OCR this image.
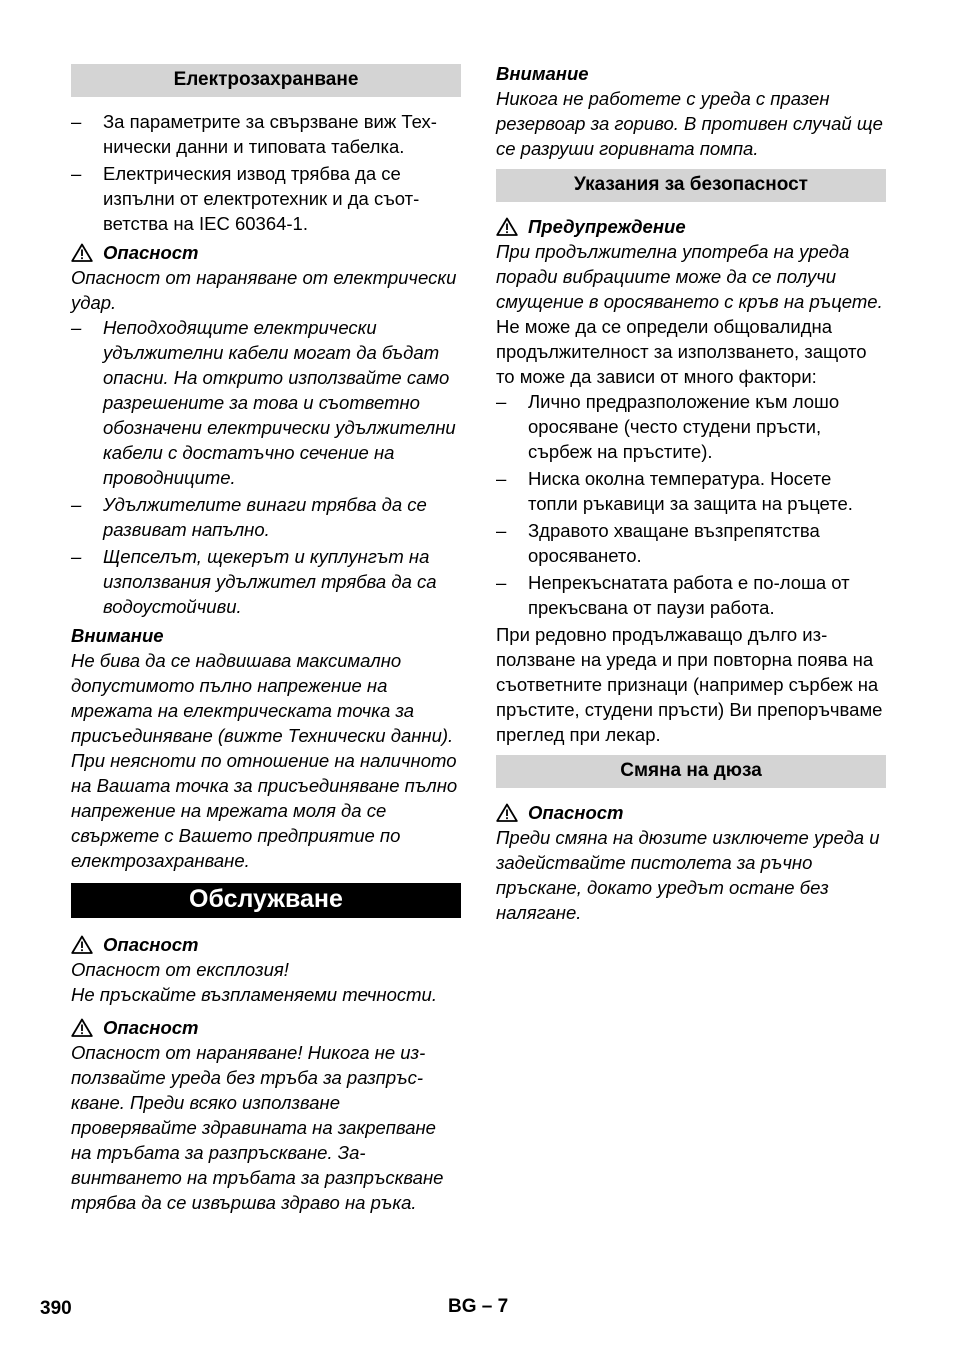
Електрозахранване
– За параметрите за свързване виж Технически данни и типовата табелка.
– Електрическия извод трябва да се изпълни от електротехник и да съответства на IEC 60364-1.
Опасност

Опасност от нараняване от електрически удар.

– Неподходящите електрически удължителни кабели могат да бъдат опасни. На открито използвайте само разрешените за това и съответно обозначени електрически удължителни кабели с достатъчно сечение на проводниците.
– Удължителите винаги трябва да се развиват напълно.
– Щепселът, щекерът и куплунгът на използвания удължител трябва да са водоустойчиви.
Внимание

Не бива да се надвишава максимално допустимото пълно напрежение на мрежата на електрическата точка за присъединяване (вижте Технически данни). При неясноти по отношение на наличното на Вашата точка за присъединяване пълно напрежение на мрежата моля да се свържете с Вашето предприятие по електрозахранване.

Обслужване
Опасност

Опасност от експлозия!

Не пръскайте възпламеняеми течности.

Опасност

Опасност от нараняване! Никога не използвайте уреда без тръба за разпръскване. Преди всяко използване проверявайте здравината на закрепване на тръбата за разпръскване. Завинтването на тръбата за разпръскване трябва да се извършва здраво на ръка.

Внимание

Никога не работете с уреда с празен резервоар за гориво. В противен случай ще се разруши горивната помпа.

Указания за безопасност
Предупреждение

При продължителна употреба на уреда поради вибрациите може да се получи смущение в оросяването с кръв на ръцете.

Не може да се определи общовалидна продължителност за използването, защото то може да зависи от много фактори:

– Лично предразположение към лошо оросяване (често студени пръсти, сърбеж на пръстите).
– Ниска околна температура. Носете топли ръкавици за защита на ръцете.
– Здравото хващане възпрепятства оросяването.
– Непрекъснатата работа е по-лоша от прекъсвана от паузи работа.

При редовно продължаващо дълго използване на уреда и при повторна поява на съответните признаци (например сърбеж на пръстите, студени пръсти) Ви препоръчваме преглед при лекар.

Смяна на дюза
Опасност

Преди смяна на дюзите изключете уреда и задействайте пистолета за ръчно пръскане, докато уредът остане без налягане.

390	BG – 7
